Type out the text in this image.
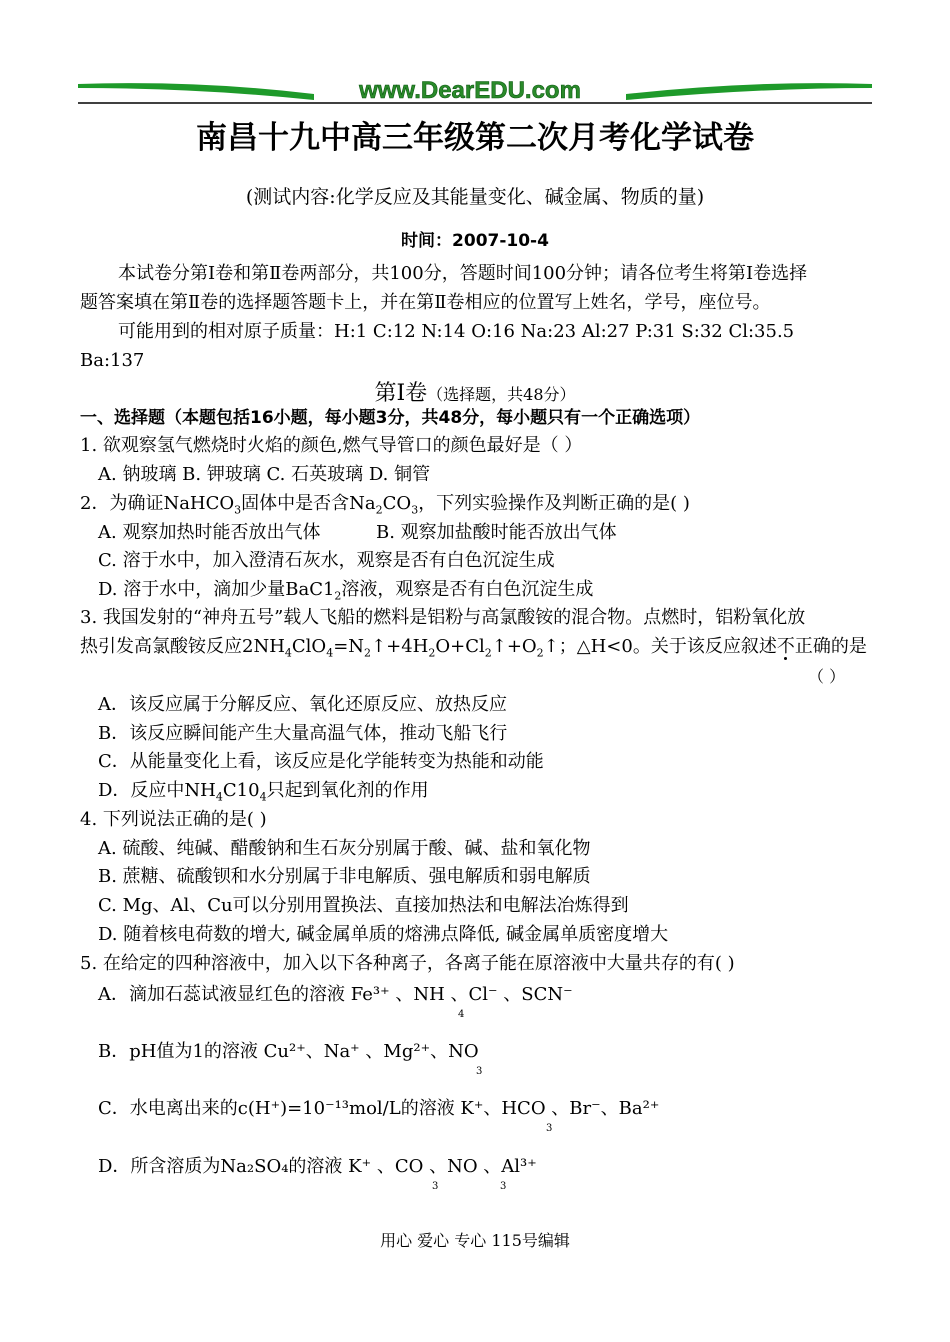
www.DearEDU.com
南昌十九中高三年级第二次月考化学试卷
(测试内容:化学反应及其能量变化、碱金属、物质的量)
时间：2007-10-4
本试卷分第Ⅰ卷和第Ⅱ卷两部分，共100分，答题时间100分钟；请各位考生将第Ⅰ卷选择
题答案填在第Ⅱ卷的选择题答题卡上，并在第Ⅱ卷相应的位置写上姓名，学号，座位号。
可能用到的相对原子质量：H:1 C:12 N:14 O:16 Na:23 Al:27 P:31 S:32 Cl:35.5
Ba:137
第Ⅰ卷（选择题，共48分）
一、选择题（本题包括16小题，每小题3分，共48分，每小题只有一个正确选项）
1. 欲观察氢气燃烧时火焰的颜色,燃气导管口的颜色最好是（ ）
A. 钠玻璃 B. 钾玻璃 C. 石英玻璃 D. 铜管
2．为确证NaHCO$_3$固体中是否含$Na_2CO_3$，下列实验操作及判断正确的是( )
A. 观察加热时能否放出气体	B. 观察加盐酸时能否放出气体
C. 溶于水中，加入澄清石灰水，观察是否有白色沉淀生成
D. 溶于水中，滴加少量$BaC1_2$溶液，观察是否有白色沉淀生成
3. 我国发射的“神舟五号”载人飞船的燃料是铝粉与高氯酸铵的混合物。点燃时，铝粉氧化放
热引发高氯酸铵反应$2NH_4ClO_4=N_2↑+4H_2O+Cl_2↑+O_2↑$；△H<0。关于该反应叙述不正确的是
（ ）
A．该反应属于分解反应、氧化还原反应、放热反应
B．该反应瞬间能产生大量高温气体，推动飞船飞行
C．从能量变化上看，该反应是化学能转变为热能和动能
D．反应中$NH_4C10_4$只起到氧化剂的作用
4. 下列说法正确的是( )
A. 硫酸、纯碱、醋酸钠和生石灰分别属于酸、碱、盐和氧化物
B. 蔗糖、硫酸钡和水分别属于非电解质、强电解质和弱电解质
C. Mg、Al、Cu可以分别用置换法、直接加热法和电解法冶炼得到
D. 随着核电荷数的增大, 碱金属单质的熔沸点降低, 碱金属单质密度增大
5. 在给定的四种溶液中，加入以下各种离子，各离子能在原溶液中大量共存的有( )
A．滴加石蕊试液显红色的溶液 Fe³⁺ 、NH 、Cl⁻ 、SCN⁻
4
B．pH值为1的溶液 Cu²⁺、Na⁺ 、Mg²⁺、NO
3
C．水电离出来的c(H⁺)=10⁻¹³mol/L的溶液 K⁺、HCO 、Br⁻、Ba²⁺
3
D．所含溶质为Na₂SO₄的溶液 K⁺ 、CO 、NO 、Al³⁺
3	3
用心 爱心 专心 115号编辑
